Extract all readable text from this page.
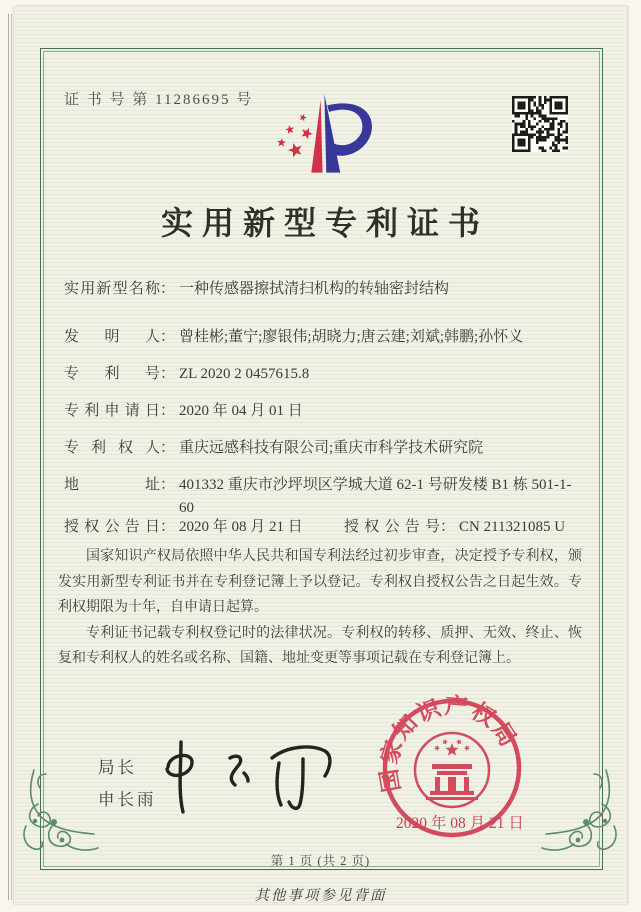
证 书 号 第 11286695 号
实用新型专利证书
实用新型名称 ： 一种传感器擦拭清扫机构的转轴密封结构
发明人 ： 曾桂彬;董宁;廖银伟;胡晓力;唐云建;刘斌;韩鹏;孙怀义
专利号 ： ZL 2020 2 0457615.8
专利申请日 ： 2020 年 04 月 01 日
专利权人 ： 重庆远感科技有限公司;重庆市科学技术研究院
地址 ： 401332 重庆市沙坪坝区学城大道 62-1 号研发楼 B1 栋 501-1-60
授权公告日 ： 2020 年 08 月 21 日	授权公告号 ： CN 211321085 U

国家知识产权局依照中华人民共和国专利法经过初步审查，决定授予专利权，颁发实用新型专利证书并在专利登记簿上予以登记。专利权自授权公告之日起生效。专利权期限为十年，自申请日起算。

专利证书记载专利权登记时的法律状况。专利权的转移、质押、无效、终止、恢复和专利权人的姓名或名称、国籍、地址变更等事项记载在专利登记簿上。

局长
申长雨
国家知识产权局
2020 年 08 月 21 日
第 1 页 (共 2 页)
其他事项参见背面
